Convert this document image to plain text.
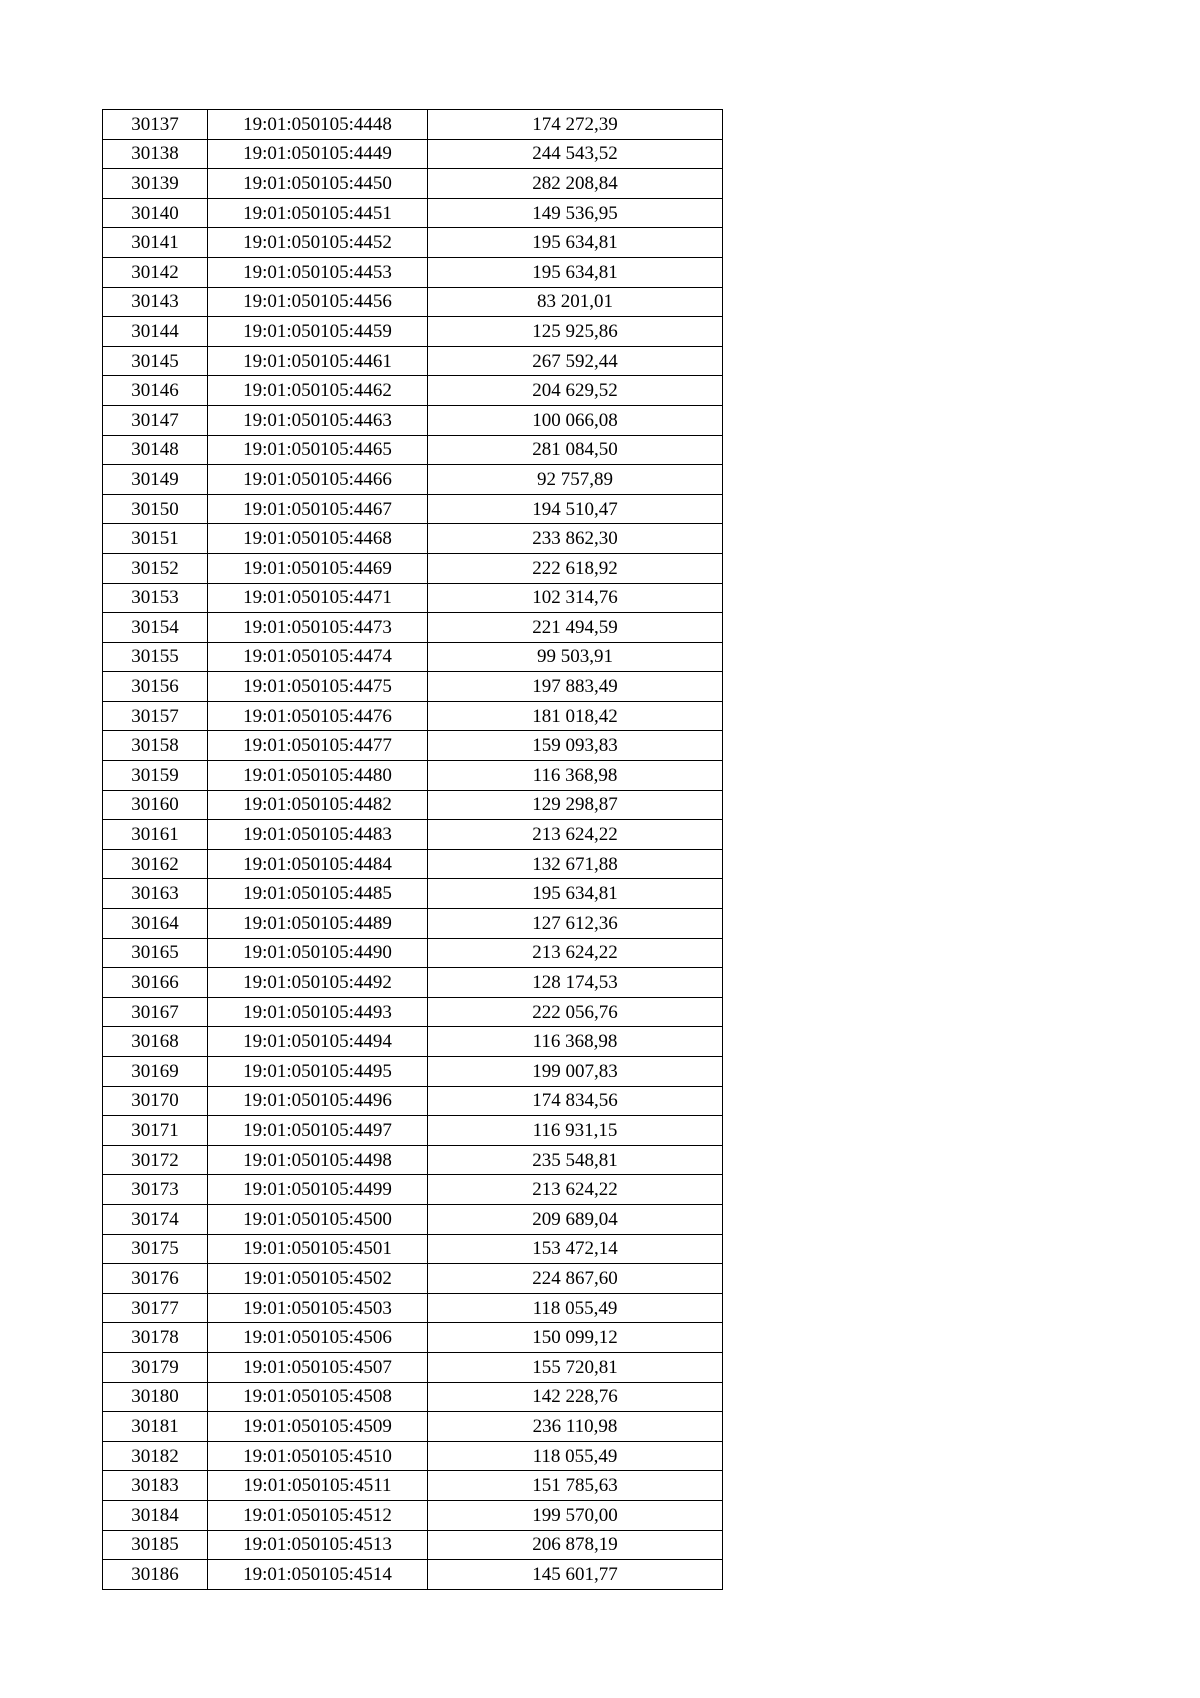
30137	19:01:050105:4448	174 272,39
30138	19:01:050105:4449	244 543,52
30139	19:01:050105:4450	282 208,84
30140	19:01:050105:4451	149 536,95
30141	19:01:050105:4452	195 634,81
30142	19:01:050105:4453	195 634,81
30143	19:01:050105:4456	83 201,01
30144	19:01:050105:4459	125 925,86
30145	19:01:050105:4461	267 592,44
30146	19:01:050105:4462	204 629,52
30147	19:01:050105:4463	100 066,08
30148	19:01:050105:4465	281 084,50
30149	19:01:050105:4466	92 757,89
30150	19:01:050105:4467	194 510,47
30151	19:01:050105:4468	233 862,30
30152	19:01:050105:4469	222 618,92
30153	19:01:050105:4471	102 314,76
30154	19:01:050105:4473	221 494,59
30155	19:01:050105:4474	99 503,91
30156	19:01:050105:4475	197 883,49
30157	19:01:050105:4476	181 018,42
30158	19:01:050105:4477	159 093,83
30159	19:01:050105:4480	116 368,98
30160	19:01:050105:4482	129 298,87
30161	19:01:050105:4483	213 624,22
30162	19:01:050105:4484	132 671,88
30163	19:01:050105:4485	195 634,81
30164	19:01:050105:4489	127 612,36
30165	19:01:050105:4490	213 624,22
30166	19:01:050105:4492	128 174,53
30167	19:01:050105:4493	222 056,76
30168	19:01:050105:4494	116 368,98
30169	19:01:050105:4495	199 007,83
30170	19:01:050105:4496	174 834,56
30171	19:01:050105:4497	116 931,15
30172	19:01:050105:4498	235 548,81
30173	19:01:050105:4499	213 624,22
30174	19:01:050105:4500	209 689,04
30175	19:01:050105:4501	153 472,14
30176	19:01:050105:4502	224 867,60
30177	19:01:050105:4503	118 055,49
30178	19:01:050105:4506	150 099,12
30179	19:01:050105:4507	155 720,81
30180	19:01:050105:4508	142 228,76
30181	19:01:050105:4509	236 110,98
30182	19:01:050105:4510	118 055,49
30183	19:01:050105:4511	151 785,63
30184	19:01:050105:4512	199 570,00
30185	19:01:050105:4513	206 878,19
30186	19:01:050105:4514	145 601,77
